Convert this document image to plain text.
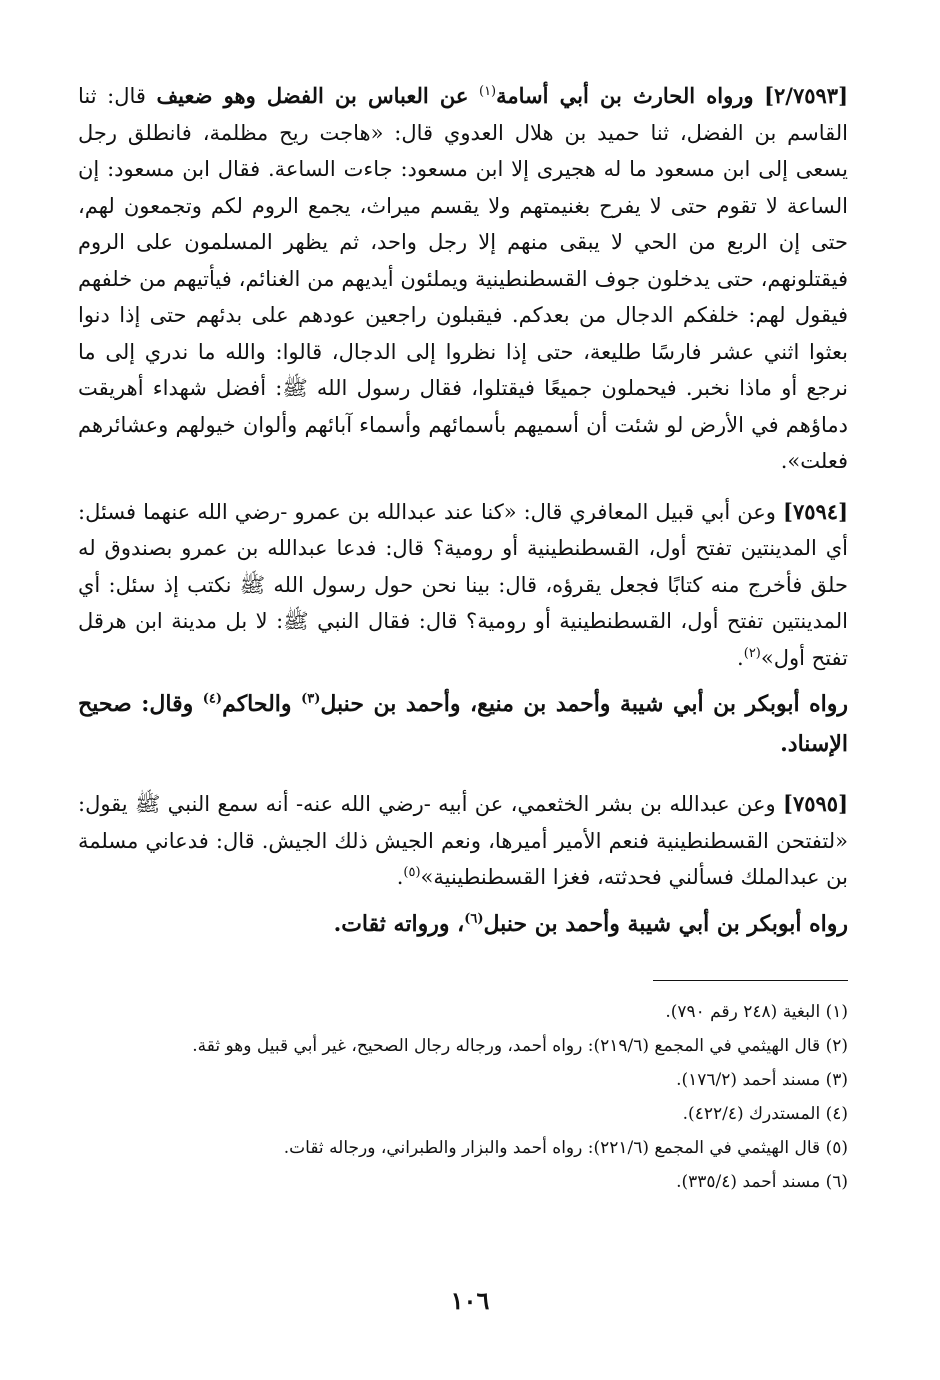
[٢/٧٥٩٣] ورواه الحارث بن أبي أسامة$^{(١)}$ عن العباس بن الفضل وهو ضعيف قال: ثنا القاسم بن الفضل، ثنا حميد بن هلال العدوي قال: «هاجت ريح مظلمة، فانطلق رجل يسعى إلى ابن مسعود ما له هجيرى إلا ابن مسعود: جاءت الساعة. فقال ابن مسعود: إن الساعة لا تقوم حتى لا يفرح بغنيمتهم ولا يقسم ميراث، يجمع الروم لكم وتجمعون لهم، حتى إن الربع من الحي لا يبقى منهم إلا رجل واحد، ثم يظهر المسلمون على الروم فيقتلونهم، حتى يدخلون جوف القسطنطينية ويملئون أيديهم من الغنائم، فيأتيهم من خلفهم فيقول لهم: خلفكم الدجال من بعدكم. فيقبلون راجعين عودهم على بدئهم حتى إذا دنوا بعثوا اثني عشر فارسًا طليعة، حتى إذا نظروا إلى الدجال، قالوا: والله ما ندري إلى ما نرجع أو ماذا نخبر. فيحملون جميعًا فيقتلوا، فقال رسول الله ﷺ: أفضل شهداء أهريقت دماؤهم في الأرض لو شئت أن أسميهم بأسمائهم وأسماء آبائهم وألوان خيولهم وعشائرهم فعلت».

[٧٥٩٤] وعن أبي قبيل المعافري قال: «كنا عند عبدالله بن عمرو -رضي الله عنهما فسئل: أي المدينتين تفتح أول، القسطنطينية أو رومية؟ قال: فدعا عبدالله بن عمرو بصندوق له حلق فأخرج منه كتابًا فجعل يقرؤه، قال: بينا نحن حول رسول الله ﷺ نكتب إذ سئل: أي المدينتين تفتح أول، القسطنطينية أو رومية؟ قال: فقال النبي ﷺ: لا بل مدينة ابن هرقل تفتح أول»$^{(٢)}$.

رواه أبوبكر بن أبي شيبة وأحمد بن منيع، وأحمد بن حنبل$^{(٣)}$ والحاكم$^{(٤)}$ وقال: صحيح الإسناد.

[٧٥٩٥] وعن عبدالله بن بشر الخثعمي، عن أبيه -رضي الله عنه- أنه سمع النبي ﷺ يقول: «لتفتحن القسطنطينية فنعم الأمير أميرها، ونعم الجيش ذلك الجيش. قال: فدعاني مسلمة بن عبدالملك فسألني فحدثته، فغزا القسطنطينية»$^{(٥)}$.

رواه أبوبكر بن أبي شيبة وأحمد بن حنبل$^{(٦)}$، ورواته ثقات.

(١) البغية (٢٤٨ رقم ٧٩٠).

(٢) قال الهيثمي في المجمع (٢١٩/٦): رواه أحمد، ورجاله رجال الصحيح، غير أبي قبيل وهو ثقة.

(٣) مسند أحمد (١٧٦/٢).

(٤) المستدرك (٤٢٢/٤).

(٥) قال الهيثمي في المجمع (٢٢١/٦): رواه أحمد والبزار والطبراني، ورجاله ثقات.

(٦) مسند أحمد (٣٣٥/٤).

١٠٦
